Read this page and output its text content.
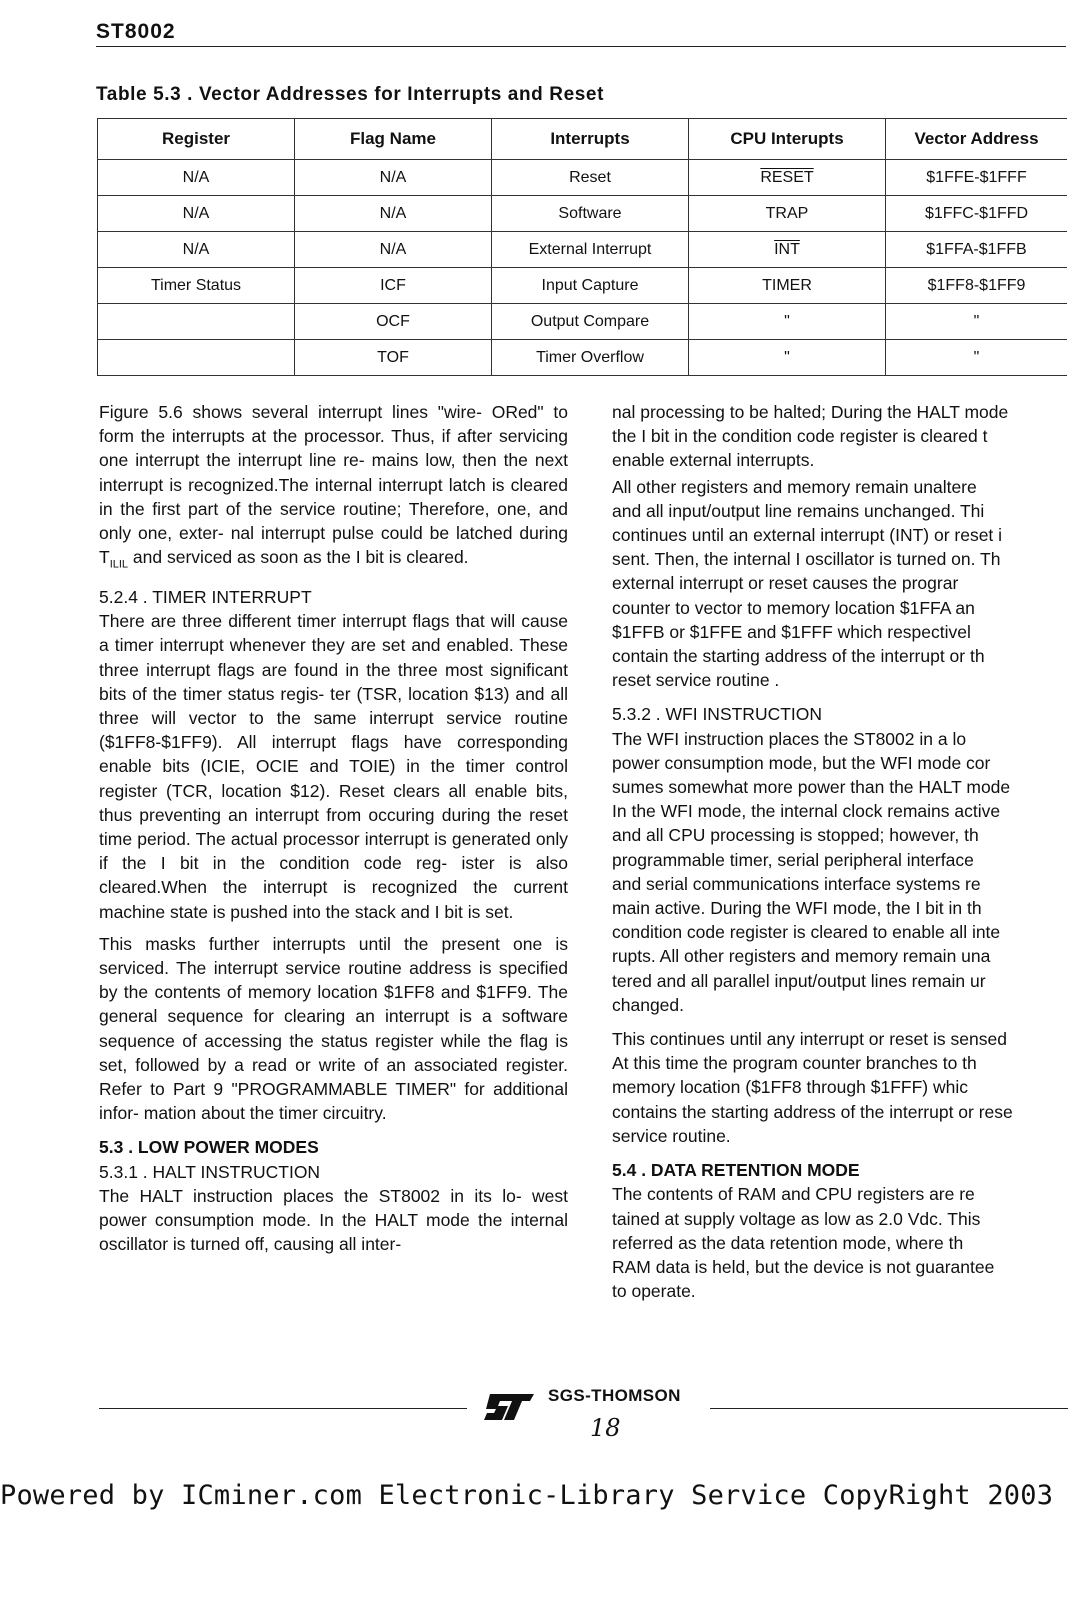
ST8002
Table 5.3 . Vector Addresses for Interrupts and Reset
Register	Flag Name	Interrupts	CPU Interupts	Vector Address
N/A	N/A	Reset	RESET	$1FFE-$1FFF
N/A	N/A	Software	TRAP	$1FFC-$1FFD
N/A	N/A	External Interrupt	$\overline{INT}$	$1FFA-$1FFB
Timer Status	ICF	Input Capture	TIMER	$1FF8-$1FF9
	OCF	Output Compare	"	"
	TOF	Timer Overflow	"	"

Figure 5.6 shows several interrupt lines "wire- ORed" to form the interrupts at the processor. Thus, if after servicing one interrupt the interrupt line re- mains low, then the next interrupt is recognized.The internal interrupt latch is cleared in the first part of the service routine; Therefore, one, and only one, exter- nal interrupt pulse could be latched during $T_{ILIL}$ and serviced as soon as the I bit is cleared.

5.2.4 . TIMER INTERRUPT

There are three different timer interrupt flags that will cause a timer interrupt whenever they are set and enabled. These three interrupt flags are found in the three most significant bits of the timer status regis- ter (TSR, location $13) and all three will vector to the same interrupt service routine ($1FF8-$1FF9). All interrupt flags have corresponding enable bits (ICIE, OCIE and TOIE) in the timer control register (TCR, location $12). Reset clears all enable bits, thus preventing an interrupt from occuring during the reset time period. The actual processor interrupt is generated only if the I bit in the condition code reg- ister is also cleared.When the interrupt is recognized the current machine state is pushed into the stack and I bit is set.

This masks further interrupts until the present one is serviced. The interrupt service routine address is specified by the contents of memory location $1FF8 and $1FF9. The general sequence for clearing an interrupt is a software sequence of accessing the status register while the flag is set, followed by a read or write of an associated register. Refer to Part 9 "PROGRAMMABLE TIMER" for additional infor- mation about the timer circuitry.

5.3 . LOW POWER MODES

5.3.1 . HALT INSTRUCTION

The HALT instruction places the ST8002 in its lo- west power consumption mode. In the HALT mode the internal oscillator is turned off, causing all inter-

nal processing to be halted; During the HALT mode

the I bit in the condition code register is cleared t

enable external interrupts.

All other registers and memory remain unaltere

and all input/output line remains unchanged. Thi

continues until an external interrupt (INT) or reset i

sent. Then, the internal I oscillator is turned on. Th

external interrupt or reset causes the prograr

counter to vector to memory location $1FFA an

$1FFB or $1FFE and $1FFF which respectivel

contain the starting address of the interrupt or th

reset service routine .

5.3.2 . WFI INSTRUCTION

The WFI instruction places the ST8002 in a lo

power consumption mode, but the WFI mode cor

sumes somewhat more power than the HALT mode

In the WFI mode, the internal clock remains active

and all CPU processing is stopped; however, th

programmable timer, serial peripheral interface

and serial communications interface systems re

main active. During the WFI mode, the I bit in th

condition code register is cleared to enable all inte

rupts. All other registers and memory remain una

tered and all parallel input/output lines remain ur

changed.

This continues until any interrupt or reset is sensed

At this time the program counter branches to th

memory location ($1FF8 through $1FFF) whic

contains the starting address of the interrupt or rese

service routine.

5.4 . DATA RETENTION MODE

The contents of RAM and CPU registers are re

tained at supply voltage as low as 2.0 Vdc. This

referred as the data retention mode, where th

RAM data is held, but the device is not guarantee

to operate.

SGS-THOMSON
18
Powered by ICminer.com Electronic-Library Service CopyRight 2003
